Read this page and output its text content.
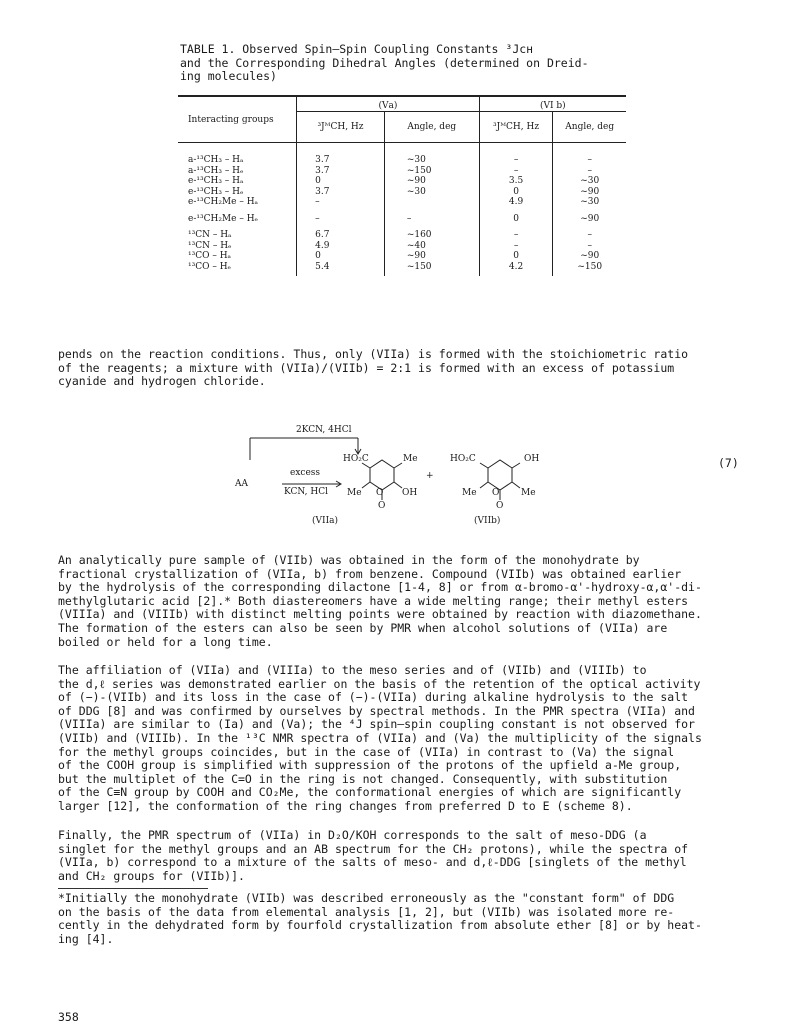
TABLE 1. Observed Spin–Spin Coupling Constants ³Jсн
and the Corresponding Dihedral Angles (determined on Dreid-
ing molecules)
Interacting groups	(Vа)		(VI b)	
	³JᴹCH, Hz	Angle, deg	³JᴹCH, Hz	Angle, deg
a-¹³CH₃ – Hₐ	3.7	~30	–	–
a-¹³CH₃ – Hₑ	3.7	~150	–	–
e-¹³CH₃ – Hₐ	0	~90	3.5	~30
e-¹³CH₃ – Hₑ	3.7	~30	0	~90
e-¹³CH₂Me – Hₐ	–		4.9	~30

e-¹³CH₂Me – Hₑ	–	–	0	~90

¹³CN – Hₐ	6.7	~160	–	–
¹³CN – Hₑ	4.9	~40	–	–
¹³CO – Hₐ	0	~90	0	~90
¹³CO – Hₑ	5.4	~150	4.2	~150
pends on the reaction conditions. Thus, only (VIIa) is formed with the stoichiometric ratio
of the reagents; a mixture with (VIIa)/(VIIb) = 2:1 is formed with an excess of potassium
cyanide and hydrogen chloride.
2KCN, 4HCl
AA
excess
KCN, HCl
HO₂C	Me
Me O OH
O
+
HO₂C	OH
Me O Me
O
(VIIa)	(VIIb)
(7)
An analytically pure sample of (VIIb) was obtained in the form of the monohydrate by
fractional crystallization of (VIIa, b) from benzene. Compound (VIIb) was obtained earlier
by the hydrolysis of the corresponding dilactone [1-4, 8] or from α-bromo-α'-hydroxy-α,α'-di-
methylglutaric acid [2].* Both diastereomers have a wide melting range; their methyl esters
(VIIIa) and (VIIIb) with distinct melting points were obtained by reaction with diazomethane.
The formation of the esters can also be seen by PMR when alcohol solutions of (VIIa) are
boiled or held for a long time.
The affiliation of (VIIa) and (VIIIa) to the meso series and of (VIIb) and (VIIIb) to
the d,ℓ series was demonstrated earlier on the basis of the retention of the optical activity
of (−)-(VIIb) and its loss in the case of (−)-(VIIa) during alkaline hydrolysis to the salt
of DDG [8] and was confirmed by ourselves by spectral methods. In the PMR spectra (VIIa) and
(VIIIa) are similar to (Ia) and (Va); the ⁴J spin–spin coupling constant is not observed for
(VIIb) and (VIIIb). In the ¹³C NMR spectra of (VIIa) and (Va) the multiplicity of the signals
for the methyl groups coincides, but in the case of (VIIa) in contrast to (Va) the signal
of the COOH group is simplified with suppression of the protons of the upfield a-Me group,
but the multiplet of the C=O in the ring is not changed. Consequently, with substitution
of the C≡N group by COOH and CO₂Me, the conformational energies of which are significantly
larger [12], the conformation of the ring changes from preferred D to E (scheme 8).
Finally, the PMR spectrum of (VIIa) in D₂O/KOH corresponds to the salt of meso-DDG (a
singlet for the methyl groups and an AB spectrum for the CH₂ protons), while the spectra of
(VIIa, b) correspond to a mixture of the salts of meso- and d,ℓ-DDG [singlets of the methyl
and CH₂ groups for (VIIb)].
*Initially the monohydrate (VIIb) was described erroneously as the "constant form" of DDG
on the basis of the data from elemental analysis [1, 2], but (VIIb) was isolated more re-
cently in the dehydrated form by fourfold crystallization from absolute ether [8] or by heat-
ing [4].
358
